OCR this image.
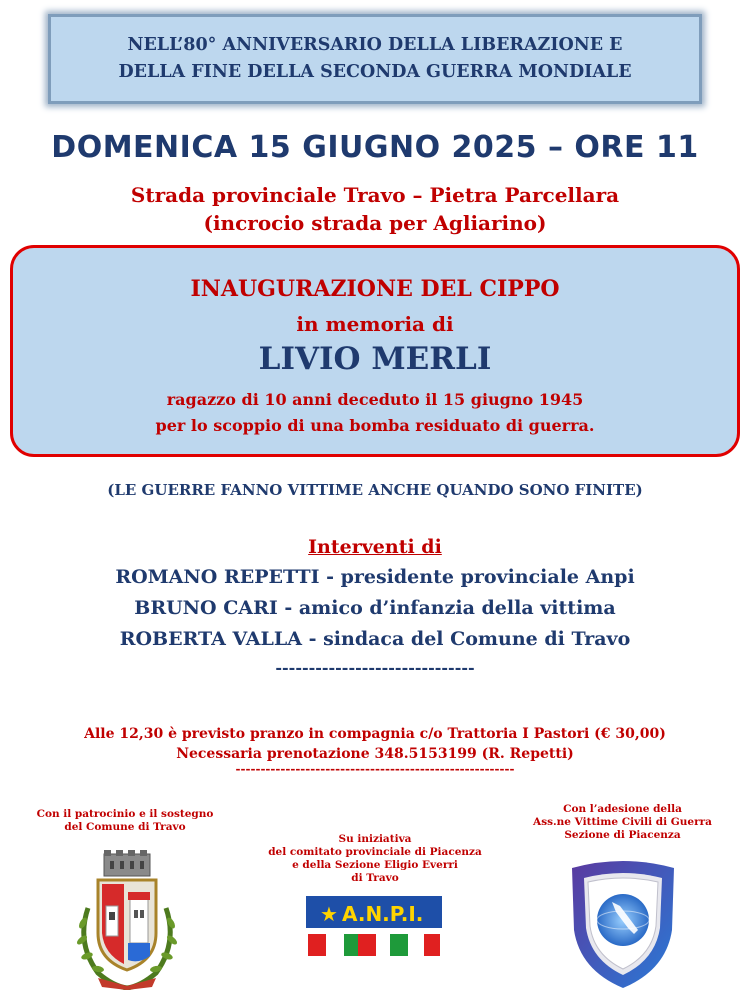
NELL’80° ANNIVERSARIO DELLA LIBERAZIONE E
DELLA FINE DELLA SECONDA GUERRA MONDIALE
DOMENICA 15 GIUGNO 2025 – ORE 11
Strada provinciale Travo – Pietra Parcellara
(incrocio strada per Agliarino)
INAUGURAZIONE DEL CIPPO
in memoria di
LIVIO MERLI
ragazzo di 10 anni deceduto il 15 giugno 1945
per lo scoppio di una bomba residuato di guerra.
(LE GUERRE FANNO VITTIME ANCHE QUANDO SONO FINITE)
Interventi di
ROMANO REPETTI - presidente provinciale Anpi
BRUNO CARI - amico d’infanzia della vittima
ROBERTA VALLA - sindaca del Comune di Travo
------------------------------
Alle 12,30 è previsto pranzo in compagnia c/o Trattoria I Pastori (€ 30,00)
Necessaria prenotazione 348.5153199 (R. Repetti)
--------------------------------------------------------
Con il patrocinio e il sostegno
del Comune di Travo
Su iniziativa
del comitato provinciale di Piacenza
e della Sezione Eligio Everri
di Travo
Con l’adesione della
Ass.ne Vittime Civili di Guerra
Sezione di Piacenza
★ A.N.P.I.
